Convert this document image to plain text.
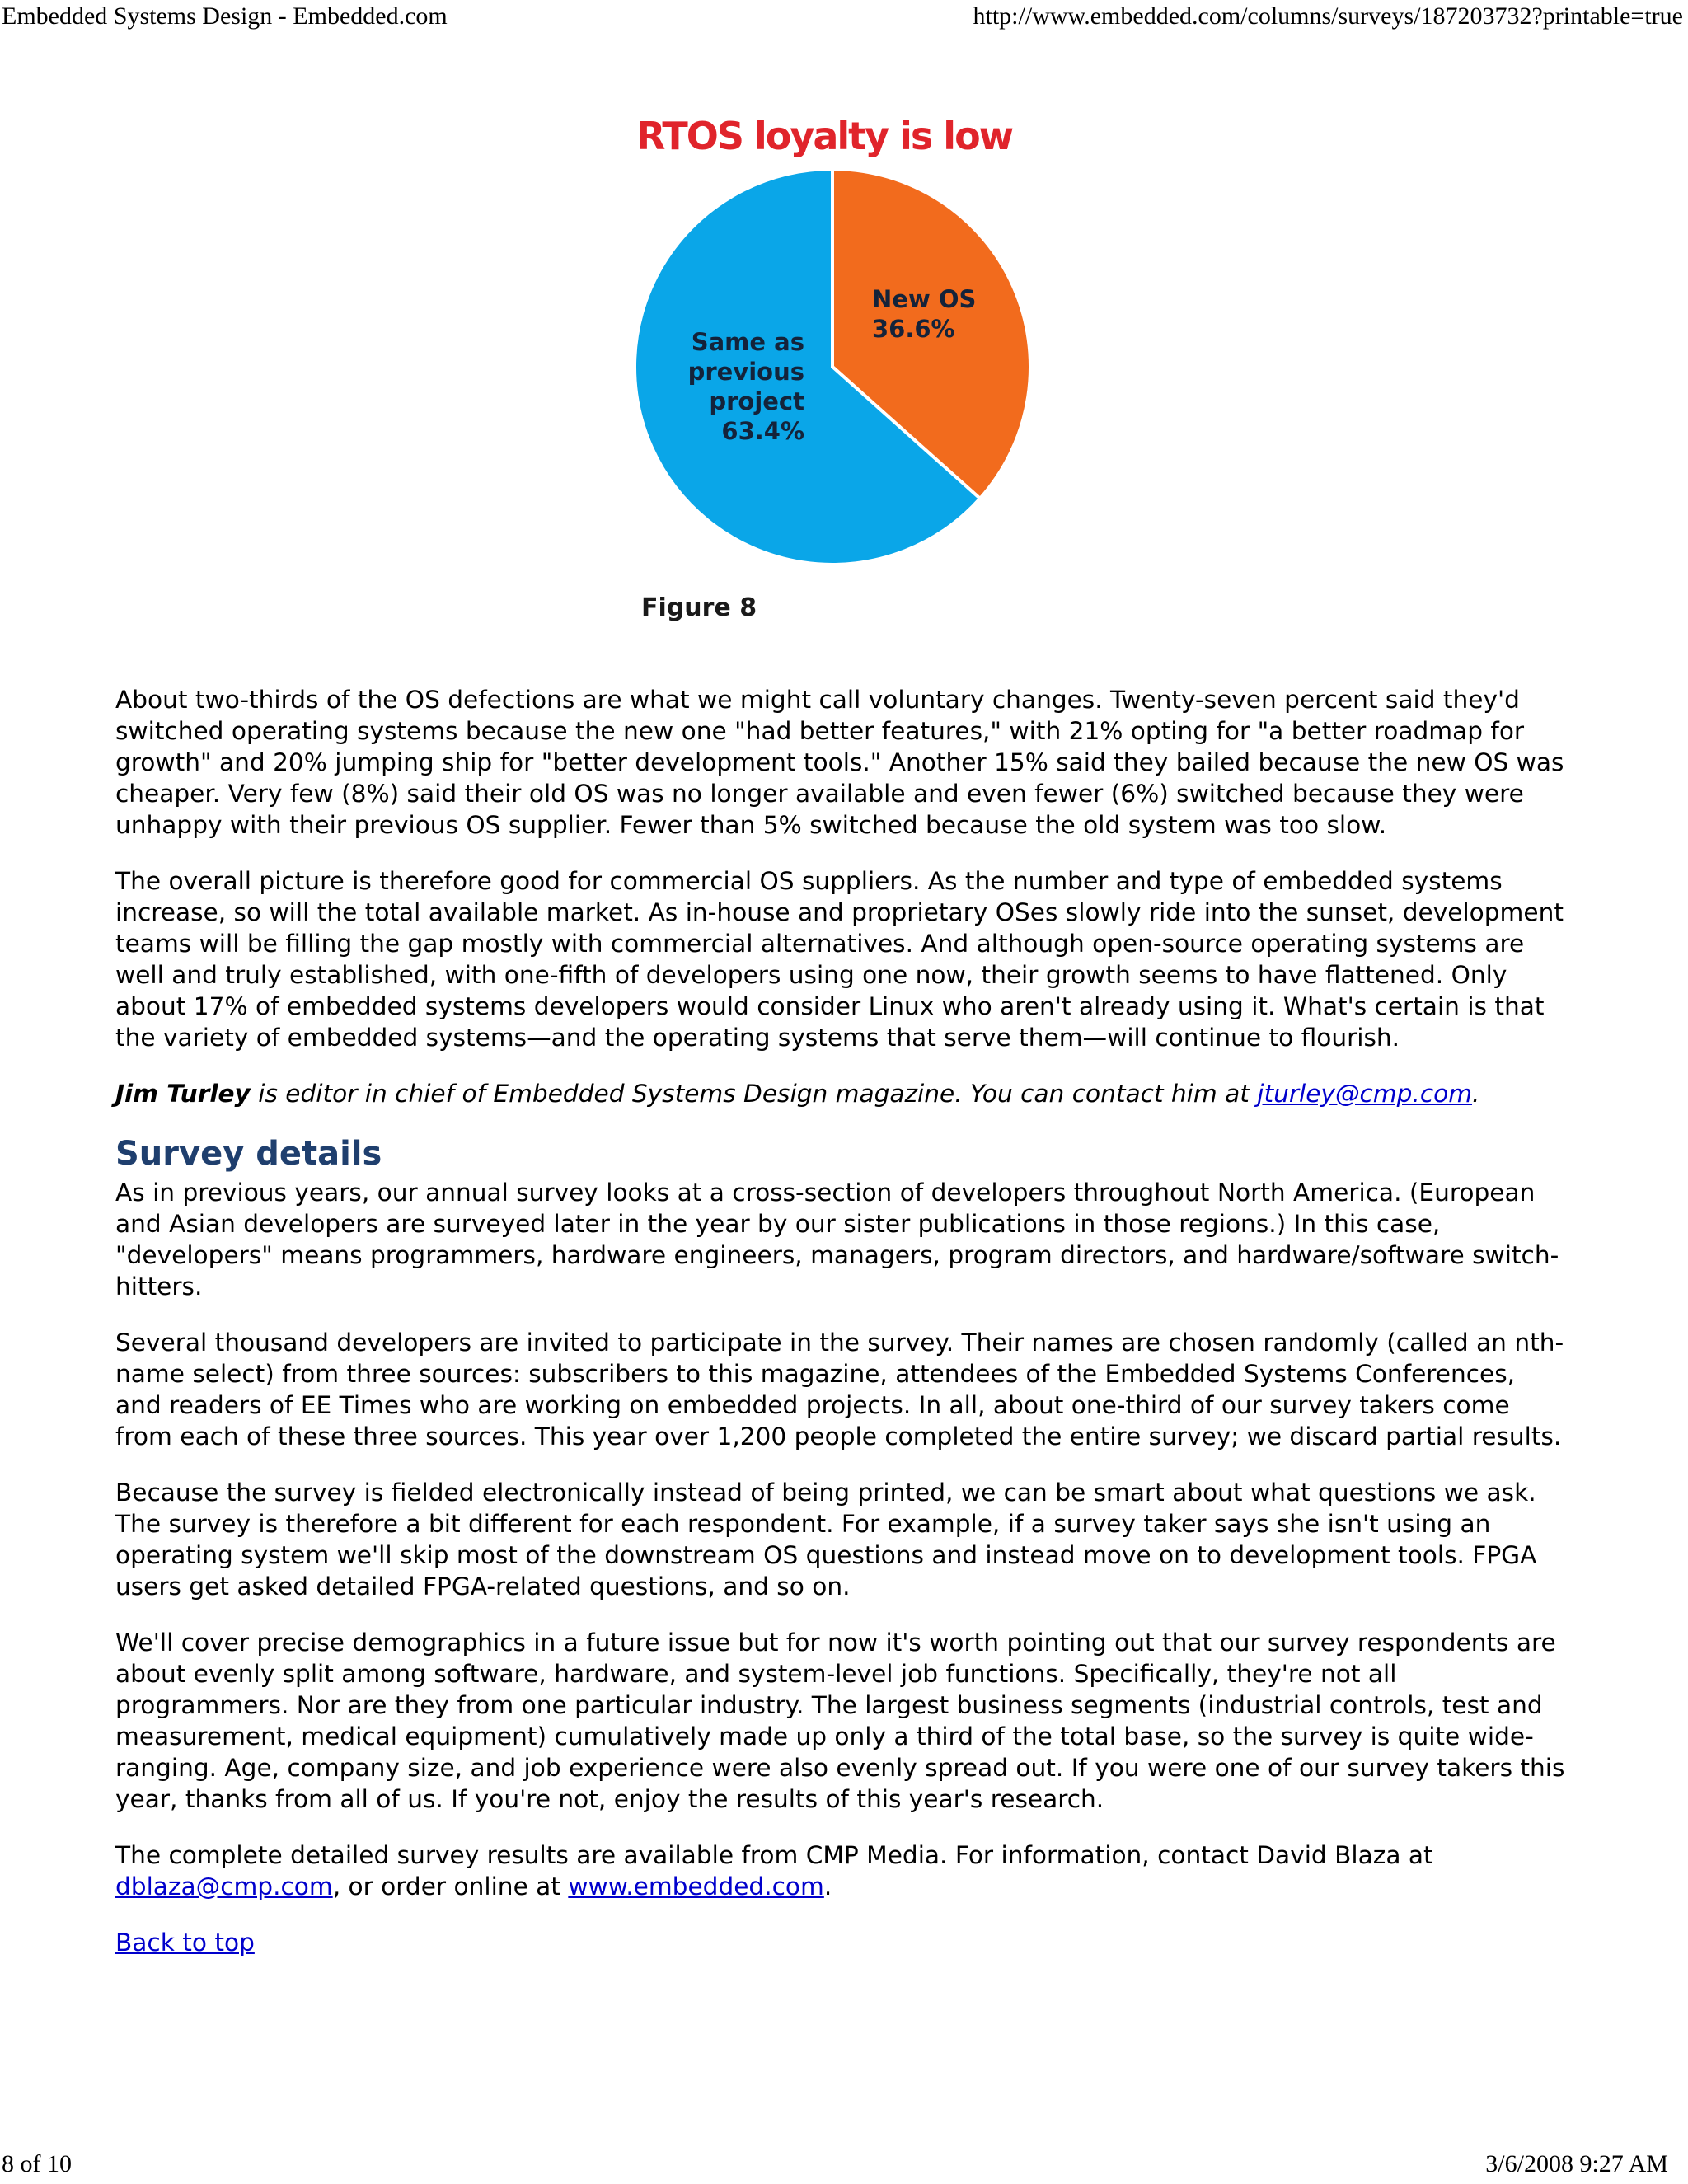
Embedded Systems Design - Embedded.com	http://www.embedded.com/columns/surveys/187203732?printable=true
RTOS loyalty is low
New OS 36.6%
Same as previous project 63.4%
Figure 8

About two-thirds of the OS defections are what we might call voluntary changes. Twenty-seven percent said they'd switched operating systems because the new one "had better features," with 21% opting for "a better roadmap for growth" and 20% jumping ship for "better development tools." Another 15% said they bailed because the new OS was cheaper. Very few (8%) said their old OS was no longer available and even fewer (6%) switched because they were unhappy with their previous OS supplier. Fewer than 5% switched because the old system was too slow.

The overall picture is therefore good for commercial OS suppliers. As the number and type of embedded systems increase, so will the total available market. As in-house and proprietary OSes slowly ride into the sunset, development teams will be filling the gap mostly with commercial alternatives. And although open-source operating systems are well and truly established, with one-fifth of developers using one now, their growth seems to have flattened. Only about 17% of embedded systems developers would consider Linux who aren't already using it. What's certain is that the variety of embedded systems—and the operating systems that serve them—will continue to flourish.

Jim Turley is editor in chief of Embedded Systems Design magazine. You can contact him at jturley@cmp.com.

Survey details

As in previous years, our annual survey looks at a cross-section of developers throughout North America. (European and Asian developers are surveyed later in the year by our sister publications in those regions.) In this case, "developers" means programmers, hardware engineers, managers, program directors, and hardware/software switch-hitters.

Several thousand developers are invited to participate in the survey. Their names are chosen randomly (called an nth-name select) from three sources: subscribers to this magazine, attendees of the Embedded Systems Conferences, and readers of EE Times who are working on embedded projects. In all, about one-third of our survey takers come from each of these three sources. This year over 1,200 people completed the entire survey; we discard partial results.

Because the survey is fielded electronically instead of being printed, we can be smart about what questions we ask. The survey is therefore a bit different for each respondent. For example, if a survey taker says she isn't using an operating system we'll skip most of the downstream OS questions and instead move on to development tools. FPGA users get asked detailed FPGA-related questions, and so on.

We'll cover precise demographics in a future issue but for now it's worth pointing out that our survey respondents are about evenly split among software, hardware, and system-level job functions. Specifically, they're not all programmers. Nor are they from one particular industry. The largest business segments (industrial controls, test and measurement, medical equipment) cumulatively made up only a third of the total base, so the survey is quite wide-ranging. Age, company size, and job experience were also evenly spread out. If you were one of our survey takers this year, thanks from all of us. If you're not, enjoy the results of this year's research.

The complete detailed survey results are available from CMP Media. For information, contact David Blaza at dblaza@cmp.com, or order online at www.embedded.com.

Back to top

8 of 10	3/6/2008 9:27 AM
